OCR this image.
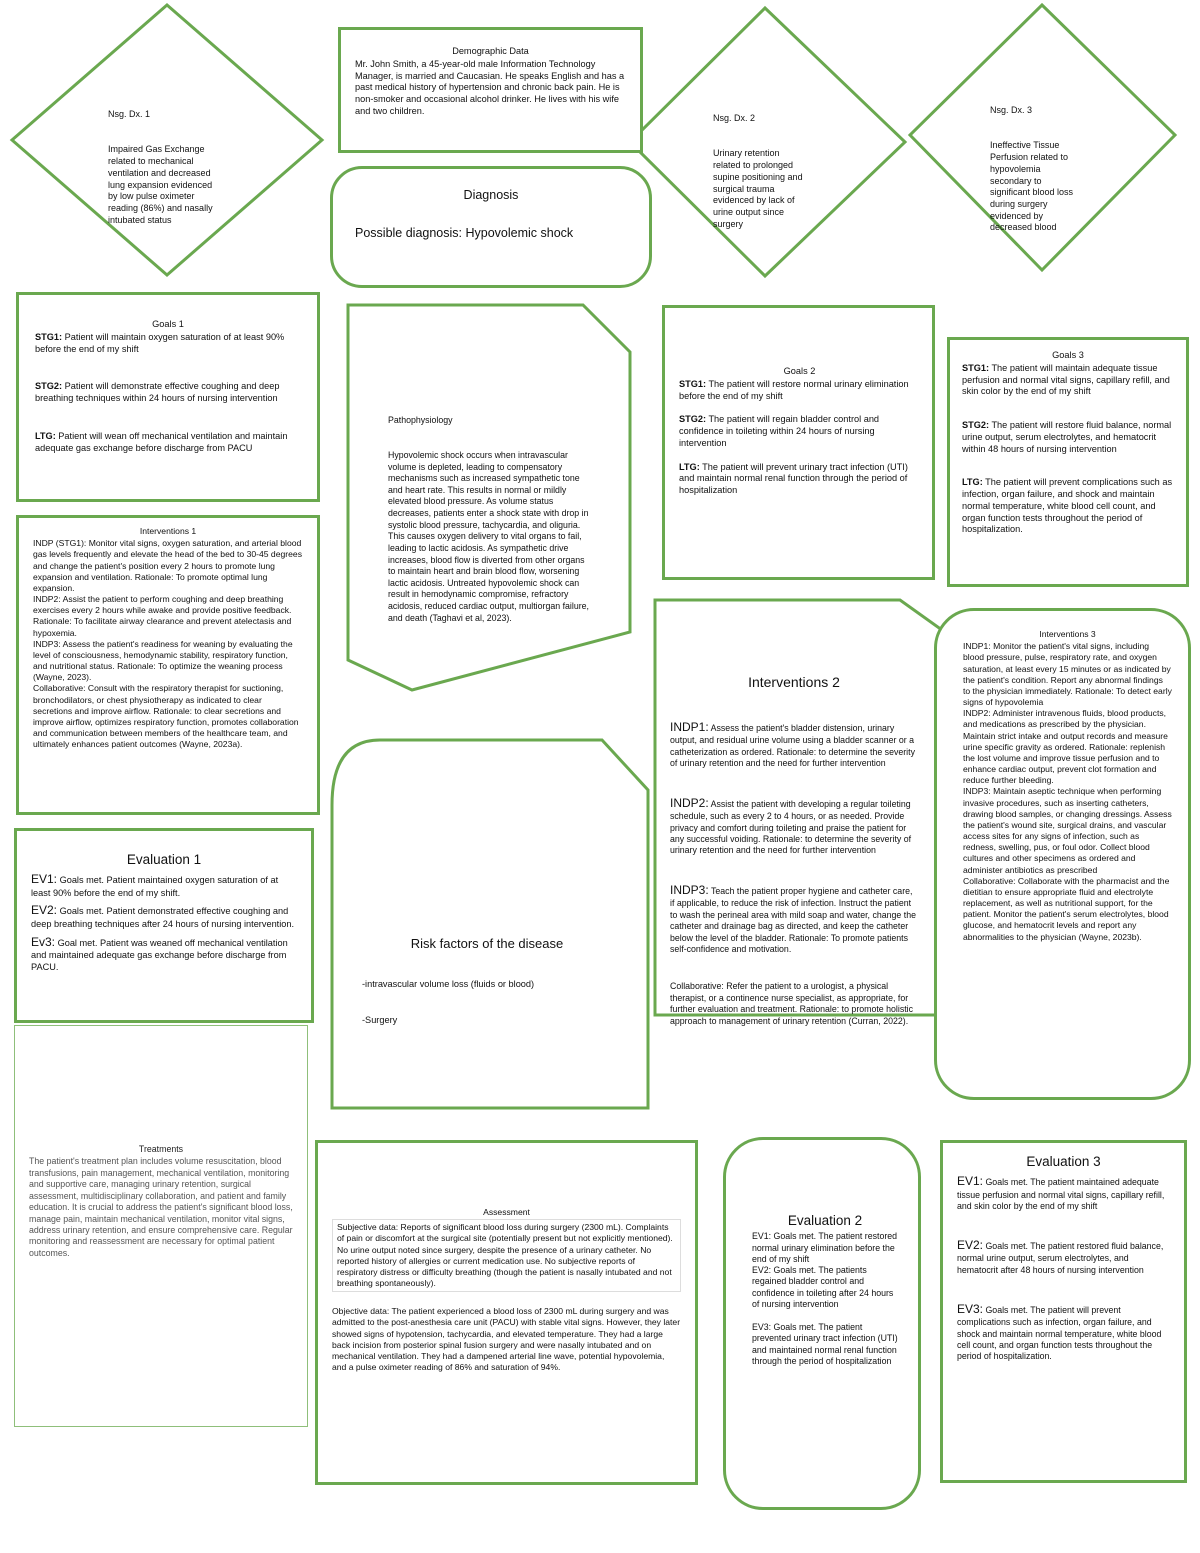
Nsg. Dx. 1

Impaired Gas Exchange
related to mechanical
ventilation and decreased
lung expansion evidenced
by low pulse oximeter
reading (86%) and nasally
intubated status

Nsg. Dx. 2

Urinary retention
related to prolonged
supine positioning and
surgical trauma
evidenced by lack of
urine output since
surgery

Nsg. Dx. 3

Ineffective Tissue
Perfusion related to
hypovolemia
secondary to
significant blood loss
during surgery
evidenced by
decreased blood

Demographic Data

Mr. John Smith, a 45-year-old male Information Technology Manager, is married and Caucasian. He speaks English and has a past medical history of hypertension and chronic back pain. He is non-smoker and occasional alcohol drinker. He lives with his wife and two children.

Diagnosis

Possible diagnosis: Hypovolemic shock

Goals 1

STG1: Patient will maintain oxygen saturation of at least 90% before the end of my shift

STG2: Patient will demonstrate effective coughing and deep breathing techniques within 24 hours of nursing intervention

LTG: Patient will wean off mechanical ventilation and maintain adequate gas exchange before discharge from PACU

Pathophysiology

Hypovolemic shock occurs when intravascular volume is depleted, leading to compensatory mechanisms such as increased sympathetic tone and heart rate. This results in normal or mildly elevated blood pressure. As volume status decreases, patients enter a shock state with drop in systolic blood pressure, tachycardia, and oliguria. This causes oxygen delivery to vital organs to fail, leading to lactic acidosis. As sympathetic drive increases, blood flow is diverted from other organs to maintain heart and brain blood flow, worsening lactic acidosis. Untreated hypovolemic shock can result in hemodynamic compromise, refractory acidosis, reduced cardiac output, multiorgan failure, and death (Taghavi et al, 2023).

Goals 2

STG1: The patient will restore normal urinary elimination before the end of my shift

STG2: The patient will regain bladder control and confidence in toileting within 24 hours of nursing intervention

LTG: The patient will prevent urinary tract infection (UTI) and maintain normal renal function through the period of hospitalization

Goals 3

STG1: The patient will maintain adequate tissue perfusion and normal vital signs, capillary refill, and skin color by the end of my shift

STG2: The patient will restore fluid balance, normal urine output, serum electrolytes, and hematocrit within 48 hours of nursing intervention

LTG: The patient will prevent complications such as infection, organ failure, and shock and maintain normal temperature, white blood cell count, and organ function tests throughout the period of hospitalization.

Interventions 1

INDP (STG1): Monitor vital signs, oxygen saturation, and arterial blood gas levels frequently and elevate the head of the bed to 30-45 degrees and change the patient's position every 2 hours to promote lung expansion and ventilation. Rationale: To promote optimal lung expansion.
INDP2: Assist the patient to perform coughing and deep breathing exercises every 2 hours while awake and provide positive feedback. Rationale: To facilitate airway clearance and prevent atelectasis and hypoxemia.
INDP3: Assess the patient's readiness for weaning by evaluating the level of consciousness, hemodynamic stability, respiratory function, and nutritional status. Rationale: To optimize the weaning process (Wayne, 2023).
Collaborative: Consult with the respiratory therapist for suctioning, bronchodilators, or chest physiotherapy as indicated to clear secretions and improve airflow. Rationale: to clear secretions and improve airflow, optimizes respiratory function, promotes collaboration and communication between members of the healthcare team, and ultimately enhances patient outcomes (Wayne, 2023a).

Interventions 2

INDP1: Assess the patient's bladder distension, urinary output, and residual urine volume using a bladder scanner or a catheterization as ordered. Rationale: to determine the severity of urinary retention and the need for further intervention

INDP2: Assist the patient with developing a regular toileting schedule, such as every 2 to 4 hours, or as needed. Provide privacy and comfort during toileting and praise the patient for any successful voiding. Rationale: to determine the severity of urinary retention and the need for further intervention

INDP3: Teach the patient proper hygiene and catheter care, if applicable, to reduce the risk of infection. Instruct the patient to wash the perineal area with mild soap and water, change the catheter and drainage bag as directed, and keep the catheter below the level of the bladder. Rationale: To promote patients self-confidence and motivation.

Collaborative: Refer the patient to a urologist, a physical therapist, or a continence nurse specialist, as appropriate, for further evaluation and treatment. Rationale: to promote holistic approach to management of urinary retention (Curran, 2022).

Interventions 3

INDP1: Monitor the patient's vital signs, including blood pressure, pulse, respiratory rate, and oxygen saturation, at least every 15 minutes or as indicated by the patient's condition. Report any abnormal findings to the physician immediately. Rationale: To detect early signs of hypovolemia
INDP2: Administer intravenous fluids, blood products, and medications as prescribed by the physician. Maintain strict intake and output records and measure urine specific gravity as ordered. Rationale: replenish the lost volume and improve tissue perfusion and to enhance cardiac output, prevent clot formation and reduce further bleeding.
INDP3: Maintain aseptic technique when performing invasive procedures, such as inserting catheters, drawing blood samples, or changing dressings. Assess the patient's wound site, surgical drains, and vascular access sites for any signs of infection, such as redness, swelling, pus, or foul odor. Collect blood cultures and other specimens as ordered and administer antibiotics as prescribed
Collaborative: Collaborate with the pharmacist and the dietitian to ensure appropriate fluid and electrolyte replacement, as well as nutritional support, for the patient. Monitor the patient's serum electrolytes, blood glucose, and hematocrit levels and report any abnormalities to the physician (Wayne, 2023b).

Evaluation 1

EV1: Goals met. Patient maintained oxygen saturation of at least 90% before the end of my shift.

EV2: Goals met. Patient demonstrated effective coughing and deep breathing techniques after 24 hours of nursing intervention.

Ev3: Goal met. Patient was weaned off mechanical ventilation and maintained adequate gas exchange before discharge from PACU.

Risk factors of the disease

-intravascular volume loss (fluids or blood)

-Surgery

Treatments

The patient's treatment plan includes volume resuscitation, blood transfusions, pain management, mechanical ventilation, monitoring and supportive care, managing urinary retention, surgical assessment, multidisciplinary collaboration, and patient and family education. It is crucial to address the patient's significant blood loss, manage pain, maintain mechanical ventilation, monitor vital signs, address urinary retention, and ensure comprehensive care. Regular monitoring and reassessment are necessary for optimal patient outcomes.

Assessment
Subjective data: Reports of significant blood loss during surgery (2300 mL). Complaints of pain or discomfort at the surgical site (potentially present but not explicitly mentioned). No urine output noted since surgery, despite the presence of a urinary catheter. No reported history of allergies or current medication use. No subjective reports of respiratory distress or difficulty breathing (though the patient is nasally intubated and not breathing spontaneously).
Objective data: The patient experienced a blood loss of 2300 mL during surgery and was admitted to the post-anesthesia care unit (PACU) with stable vital signs. However, they later showed signs of hypotension, tachycardia, and elevated temperature. They had a large back incision from posterior spinal fusion surgery and were nasally intubated and on mechanical ventilation. They had a dampened arterial line wave, potential hypovolemia, and a pulse oximeter reading of 86% and saturation of 94%.
Evaluation 2

EV1: Goals met. The patient restored normal urinary elimination before the end of my shift

EV2: Goals met. The patients regained bladder control and confidence in toileting after 24 hours of nursing intervention

EV3: Goals met. The patient prevented urinary tract infection (UTI) and maintained normal renal function through the period of hospitalization

Evaluation 3

EV1: Goals met. The patient maintained adequate tissue perfusion and normal vital signs, capillary refill, and skin color by the end of my shift

EV2: Goals met. The patient restored fluid balance, normal urine output, serum electrolytes, and hematocrit after 48 hours of nursing intervention

EV3: Goals met. The patient will prevent complications such as infection, organ failure, and shock and maintain normal temperature, white blood cell count, and organ function tests throughout the period of hospitalization.
